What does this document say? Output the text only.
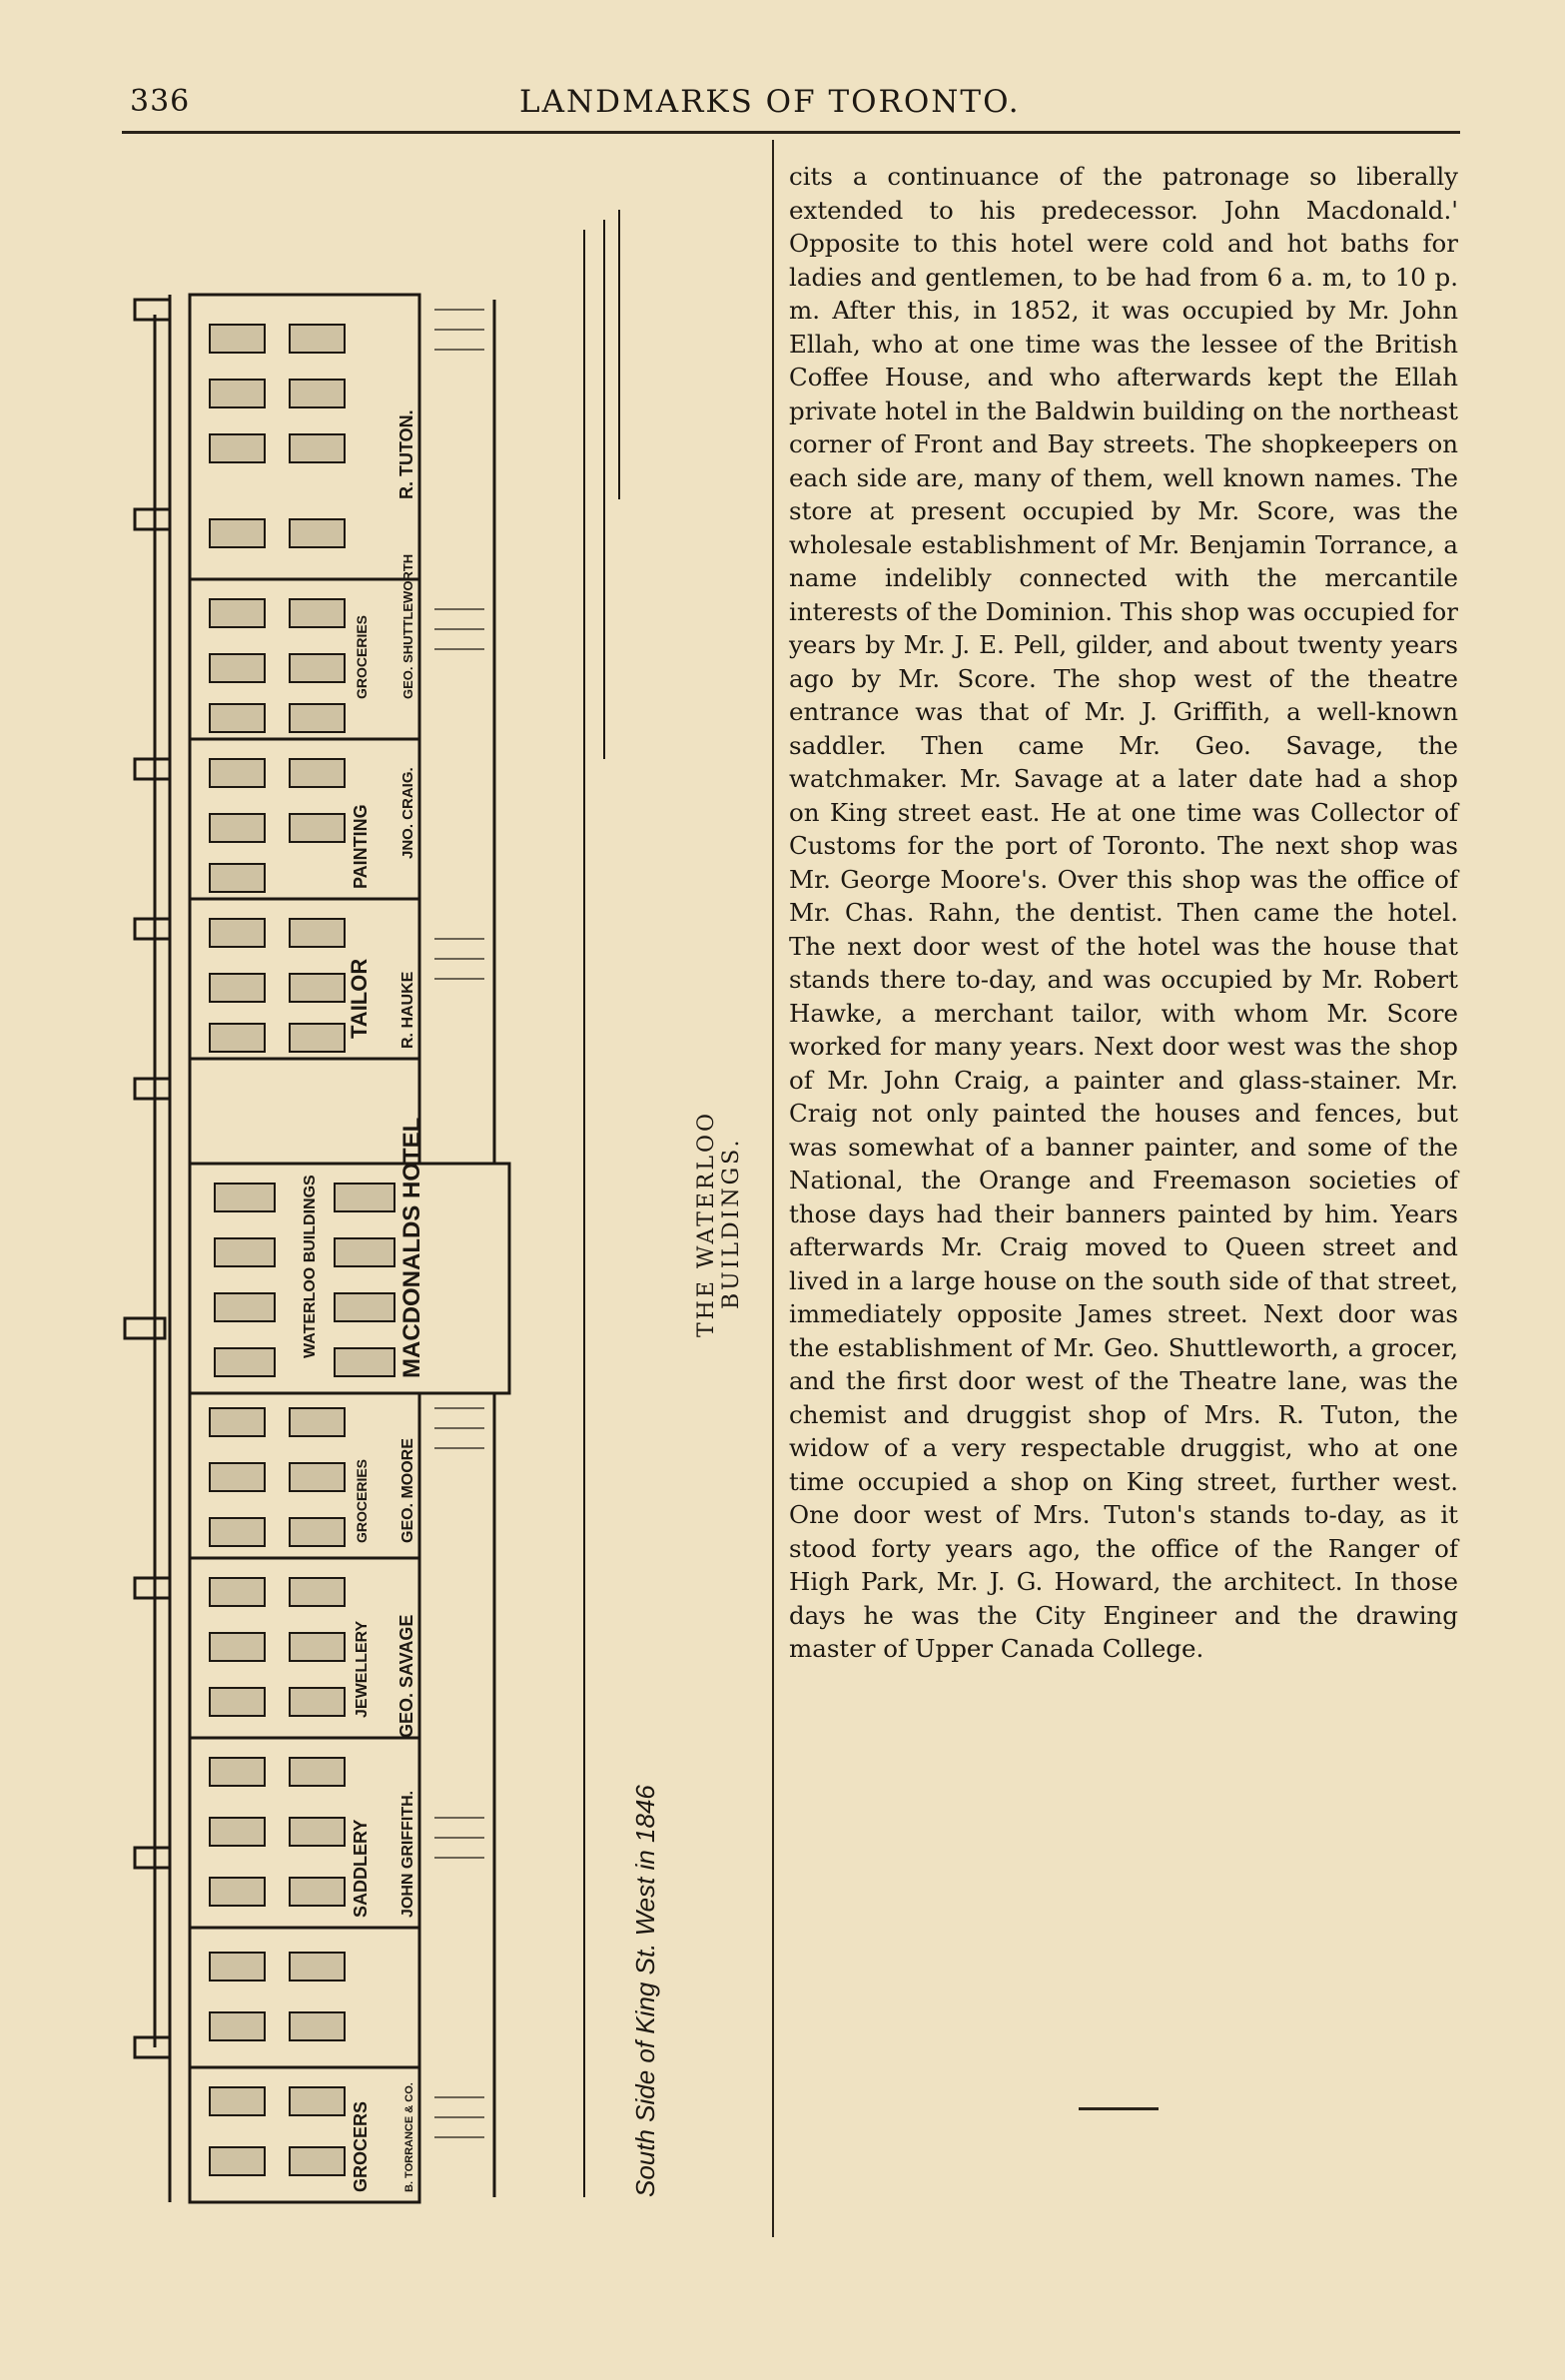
336	LANDMARKS OF TORONTO.
R. TUTON.
GEO. SHUTTLEWORTH
GROCERIES
JNO. CRAIG.
PAINTING
R. HAUKE
TAILOR
WATERLOO BUILDINGS	MACDONALDS HOTEL
GEO. MOORE
GROCERIES
GEO. SAVAGE
JEWELLERY
JOHN GRIFFITH.
SADDLERY
B. TORRANCE & CO.
GROCERS	South Side of King St. West in 1846
THE WATERLOO BUILDINGS.

cits a continuance of the patronage so liberally extended to his predecessor. John Macdonald.' Opposite to this hotel were cold and hot baths for ladies and gentlemen, to be had from 6 a. m, to 10 p. m. After this, in 1852, it was occupied by Mr. John Ellah, who at one time was the lessee of the British Coffee House, and who afterwards kept the Ellah private hotel in the Baldwin building on the northeast corner of Front and Bay streets. The shopkeepers on each side are, many of them, well known names. The store at present occupied by Mr. Score, was the wholesale establishment of Mr. Benjamin Torrance, a name indelibly connected with the mercantile interests of the Dominion. This shop was occupied for years by Mr. J. E. Pell, gilder, and about twenty years ago by Mr. Score. The shop west of the theatre entrance was that of Mr. J. Griffith, a well-known saddler. Then came Mr. Geo. Savage, the watchmaker. Mr. Savage at a later date had a shop on King street east. He at one time was Collector of Customs for the port of Toronto. The next shop was Mr. George Moore's. Over this shop was the office of Mr. Chas. Rahn, the dentist. Then came the hotel. The next door west of the hotel was the house that stands there to-day, and was occupied by Mr. Robert Hawke, a merchant tailor, with whom Mr. Score worked for many years. Next door west was the shop of Mr. John Craig, a painter and glass-stainer. Mr. Craig not only painted the houses and fences, but was somewhat of a banner painter, and some of the National, the Orange and Freemason societies of those days had their banners painted by him. Years afterwards Mr. Craig moved to Queen street and lived in a large house on the south side of that street, immediately opposite James street. Next door was the establishment of Mr. Geo. Shuttleworth, a grocer, and the first door west of the Theatre lane, was the chemist and druggist shop of Mrs. R. Tuton, the widow of a very respectable druggist, who at one time occupied a shop on King street, further west. One door west of Mrs. Tuton's stands to-day, as it stood forty years ago, the office of the Ranger of High Park, Mr. J. G. Howard, the architect. In those days he was the City Engineer and the drawing master of Upper Canada College.
